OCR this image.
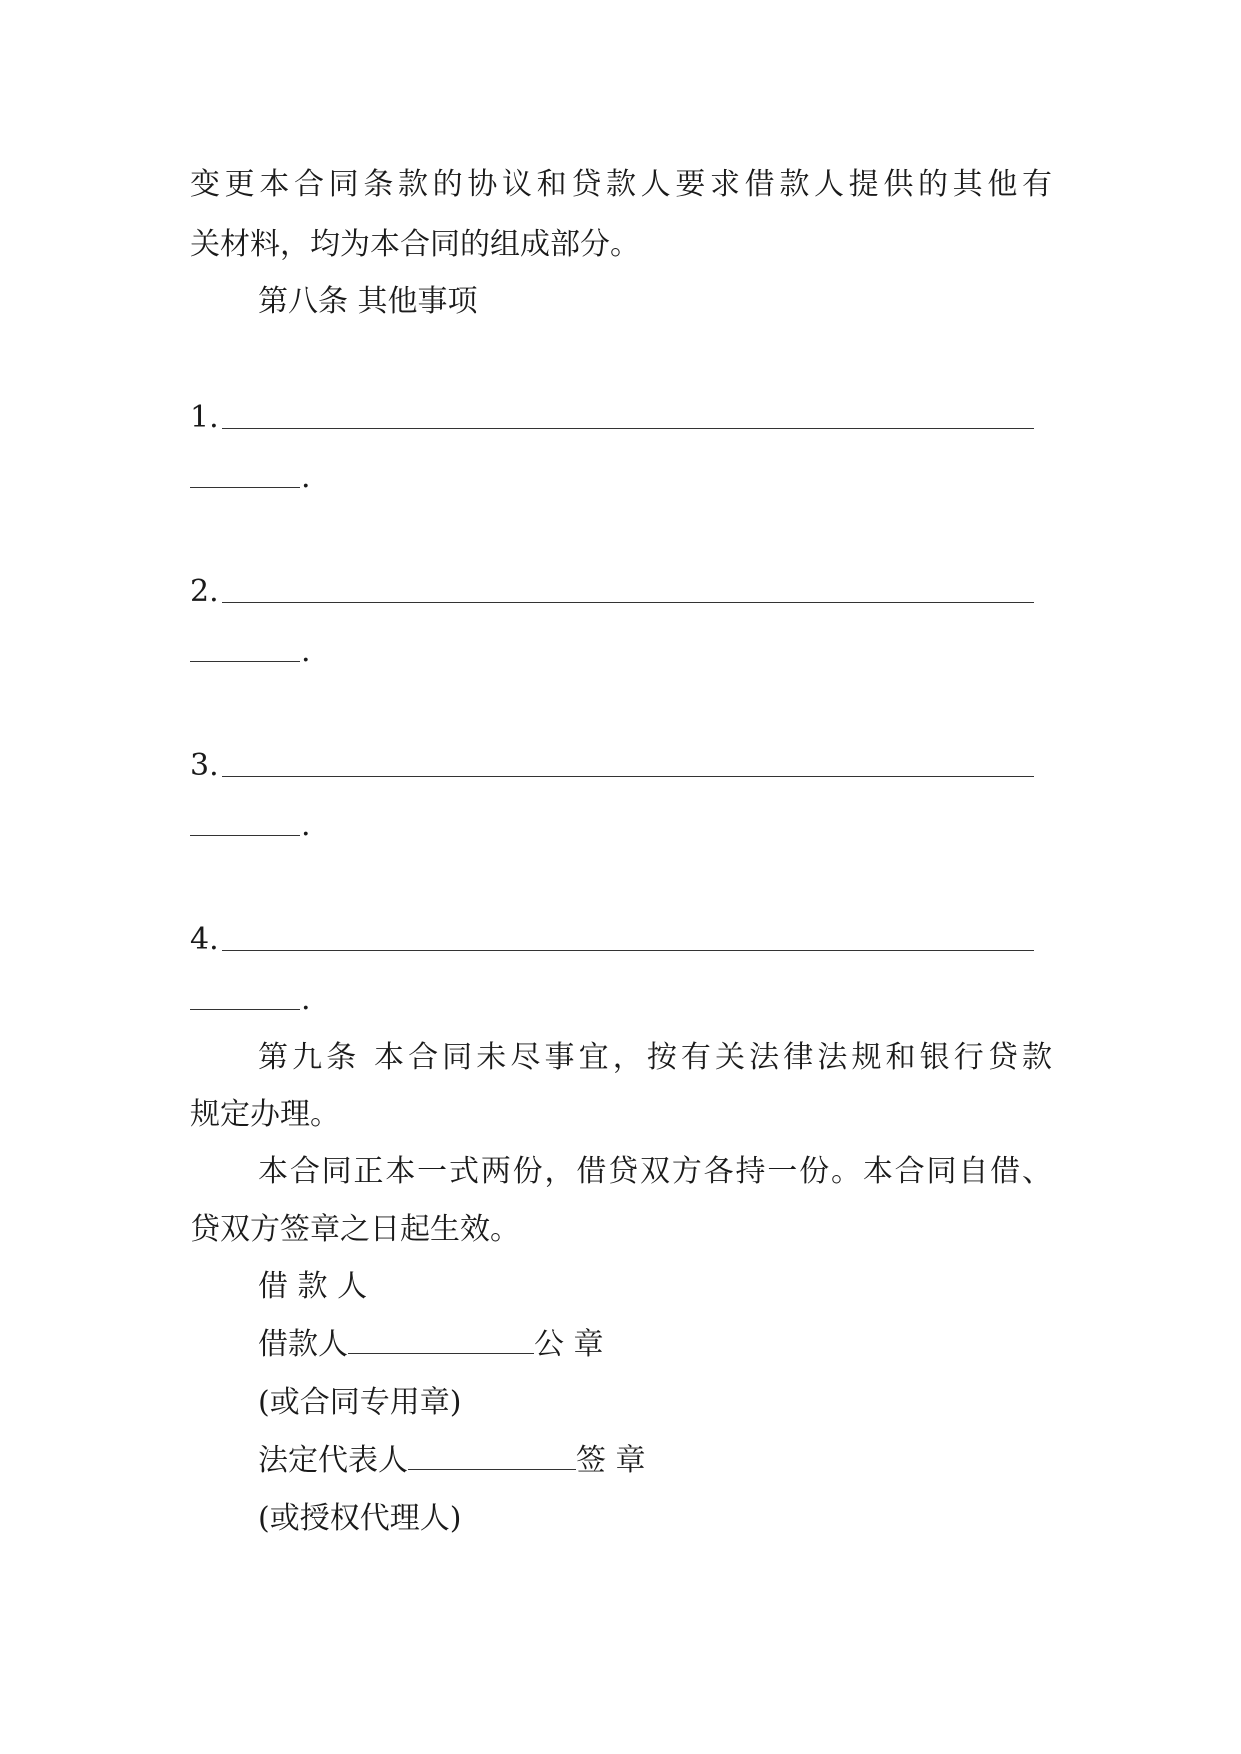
变更本合同条款的协议和贷款人要求借款人提供的其他有
关材料，均为本合同的组成部分。
第八条 其他事项
1.
.
2.
.
3.
.
4.
.
第九条 本合同未尽事宜，按有关法律法规和银行贷款
规定办理。
本合同正本一式两份，借贷双方各持一份。本合同自借、
贷双方签章之日起生效。
借 款 人
借款人	公 章
(或合同专用章)
法定代表人	签 章
(或授权代理人)
